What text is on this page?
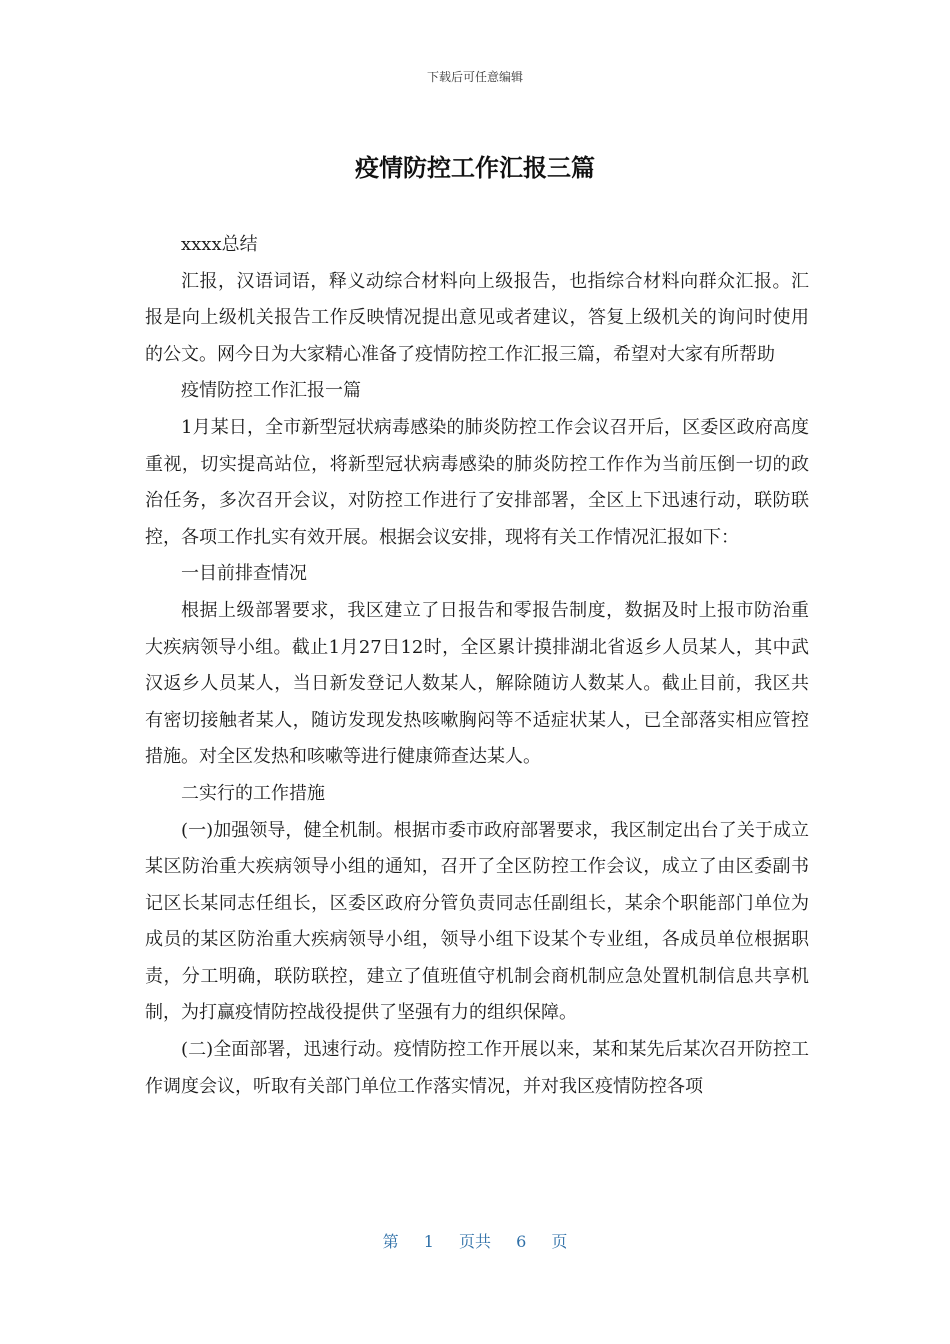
下载后可任意编辑
疫情防控工作汇报三篇

xxxx总结

汇报，汉语词语，释义动综合材料向上级报告，也指综合材料向群众汇报。汇报是向上级机关报告工作反映情况提出意见或者建议，答复上级机关的询问时使用的公文。网今日为大家精心准备了疫情防控工作汇报三篇，希望对大家有所帮助

疫情防控工作汇报一篇

1月某日，全市新型冠状病毒感染的肺炎防控工作会议召开后，区委区政府高度重视，切实提高站位，将新型冠状病毒感染的肺炎防控工作作为当前压倒一切的政治任务，多次召开会议，对防控工作进行了安排部署，全区上下迅速行动，联防联控，各项工作扎实有效开展。根据会议安排，现将有关工作情况汇报如下：

一目前排查情况

根据上级部署要求，我区建立了日报告和零报告制度，数据及时上报市防治重大疾病领导小组。截止1月27日12时，全区累计摸排湖北省返乡人员某人，其中武汉返乡人员某人，当日新发登记人数某人，解除随访人数某人。截止目前，我区共有密切接触者某人，随访发现发热咳嗽胸闷等不适症状某人，已全部落实相应管控措施。对全区发热和咳嗽等进行健康筛查达某人。

二实行的工作措施

(一)加强领导，健全机制。根据市委市政府部署要求，我区制定出台了关于成立某区防治重大疾病领导小组的通知，召开了全区防控工作会议，成立了由区委副书记区长某同志任组长，区委区政府分管负责同志任副组长，某余个职能部门单位为成员的某区防治重大疾病领导小组，领导小组下设某个专业组，各成员单位根据职责，分工明确，联防联控，建立了值班值守机制会商机制应急处置机制信息共享机制，为打赢疫情防控战役提供了坚强有力的组织保障。

(二)全面部署，迅速行动。疫情防控工作开展以来，某和某先后某次召开防控工作调度会议，听取有关部门单位工作落实情况，并对我区疫情防控各项

第 1 页共 6 页
